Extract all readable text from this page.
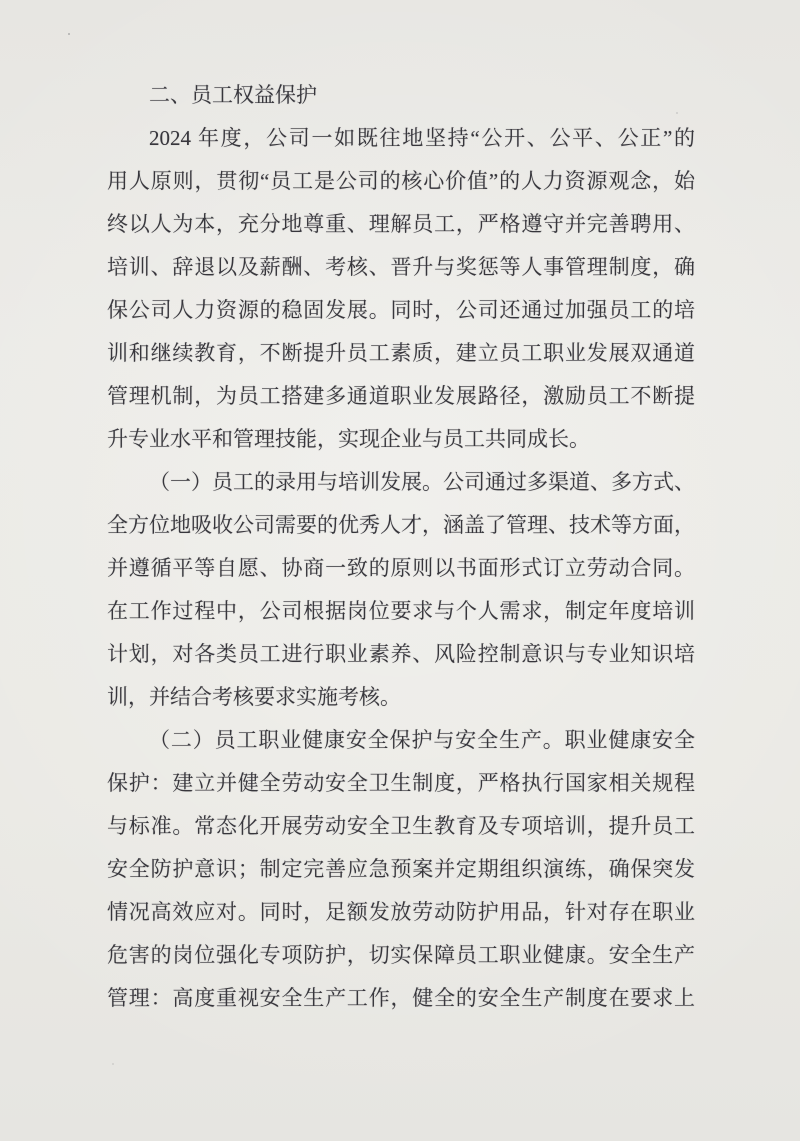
二、员工权益保护
2024 年度，公司一如既往地坚持“公开、公平、公正”的
用人原则，贯彻“员工是公司的核心价值”的人力资源观念，始
终以人为本，充分地尊重、理解员工，严格遵守并完善聘用、
培训、辞退以及薪酬、考核、晋升与奖惩等人事管理制度，确
保公司人力资源的稳固发展。同时，公司还通过加强员工的培
训和继续教育，不断提升员工素质，建立员工职业发展双通道
管理机制，为员工搭建多通道职业发展路径，激励员工不断提
升专业水平和管理技能，实现企业与员工共同成长。
（一）员工的录用与培训发展。公司通过多渠道、多方式、
全方位地吸收公司需要的优秀人才，涵盖了管理、技术等方面，
并遵循平等自愿、协商一致的原则以书面形式订立劳动合同。
在工作过程中，公司根据岗位要求与个人需求，制定年度培训
计划，对各类员工进行职业素养、风险控制意识与专业知识培
训，并结合考核要求实施考核。
（二）员工职业健康安全保护与安全生产。职业健康安全
保护：建立并健全劳动安全卫生制度，严格执行国家相关规程
与标准。常态化开展劳动安全卫生教育及专项培训，提升员工
安全防护意识；制定完善应急预案并定期组织演练，确保突发
情况高效应对。同时，足额发放劳动防护用品，针对存在职业
危害的岗位强化专项防护，切实保障员工职业健康。安全生产
管理：高度重视安全生产工作，健全的安全生产制度在要求上
